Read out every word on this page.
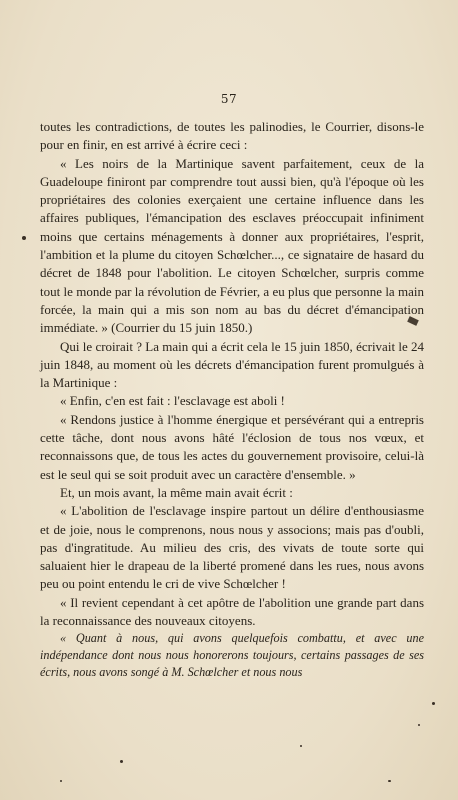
57

toutes les contradictions, de toutes les palinodies, le Courrier, disons-le pour en finir, en est arrivé à écrire ceci :

« Les noirs de la Martinique savent parfaitement, ceux de la Guadeloupe finiront par comprendre tout aussi bien, qu'à l'époque où les propriétaires des colonies exerçaient une certaine influence dans les affaires publiques, l'émancipation des esclaves préoccupait infiniment moins que certains ménagements à donner aux propriétaires, l'esprit, l'ambition et la plume du citoyen Schœlcher..., ce signataire de hasard du décret de 1848 pour l'abolition. Le citoyen Schœlcher, surpris comme tout le monde par la révolution de Février, a eu plus que personne la main forcée, la main qui a mis son nom au bas du décret d'émancipation immédiate. » (Courrier du 15 juin 1850.)

Qui le croirait ? La main qui a écrit cela le 15 juin 1850, écrivait le 24 juin 1848, au moment où les décrets d'émancipation furent promulgués à la Martinique :

« Enfin, c'en est fait : l'esclavage est aboli !

« Rendons justice à l'homme énergique et persévérant qui a entrepris cette tâche, dont nous avons hâté l'éclosion de tous nos vœux, et reconnaissons que, de tous les actes du gouvernement provisoire, celui-là est le seul qui se soit produit avec un caractère d'ensemble. »

Et, un mois avant, la même main avait écrit :

« L'abolition de l'esclavage inspire partout un délire d'enthousiasme et de joie, nous le comprenons, nous nous y associons; mais pas d'oubli, pas d'ingratitude. Au milieu des cris, des vivats de toute sorte qui saluaient hier le drapeau de la liberté promené dans les rues, nous avons peu ou point entendu le cri de vive Schœlcher !

« Il revient cependant à cet apôtre de l'abolition une grande part dans la reconnaissance des nouveaux citoyens.

« Quant à nous, qui avons quelquefois combattu, et avec une indépendance dont nous nous honorerons toujours, certains passages de ses écrits, nous avons songé à M. Schœlcher et nous nous
